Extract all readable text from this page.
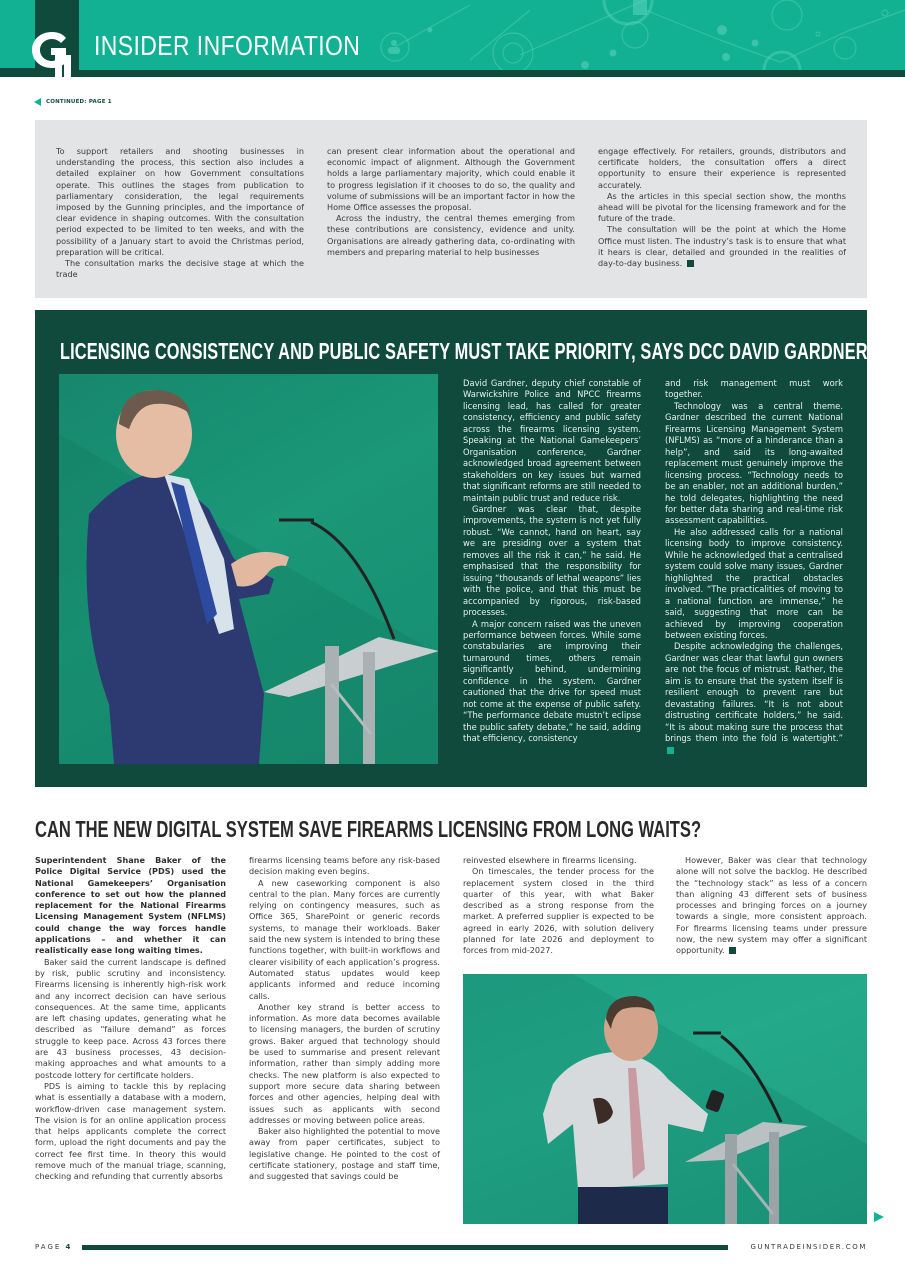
INSIDER INFORMATION
CONTINUED: PAGE 1

To support retailers and shooting businesses in understanding the process, this section also includes a detailed explainer on how Government consultations operate. This outlines the stages from publication to parliamentary consideration, the legal requirements imposed by the Gunning principles, and the importance of clear evidence in shaping outcomes. With the consultation period expected to be limited to ten weeks, and with the possibility of a January start to avoid the Christmas period, preparation will be critical.

The consultation marks the decisive stage at which the trade

can present clear information about the operational and economic impact of alignment. Although the Government holds a large parliamentary majority, which could enable it to progress legislation if it chooses to do so, the quality and volume of submissions will be an important factor in how the Home Office assesses the proposal.

Across the industry, the central themes emerging from these contributions are consistency, evidence and unity. Organisations are already gathering data, co-ordinating with members and preparing material to help businesses

engage effectively. For retailers, grounds, distributors and certificate holders, the consultation offers a direct opportunity to ensure their experience is represented accurately.

As the articles in this special section show, the months ahead will be pivotal for the licensing framework and for the future of the trade.

The consultation will be the point at which the Home Office must listen. The industry’s task is to ensure that what it hears is clear, detailed and grounded in the realities of day-to-day business.

LICENSING CONSISTENCY AND PUBLIC SAFETY MUST TAKE PRIORITY, SAYS DCC DAVID GARDNER

David Gardner, deputy chief constable of Warwickshire Police and NPCC firearms licensing lead, has called for greater consistency, efficiency and public safety across the firearms licensing system. Speaking at the National Gamekeepers’ Organisation conference, Gardner acknowledged broad agreement between stakeholders on key issues but warned that significant reforms are still needed to maintain public trust and reduce risk.

Gardner was clear that, despite improvements, the system is not yet fully robust. “We cannot, hand on heart, say we are presiding over a system that removes all the risk it can,” he said. He emphasised that the responsibility for issuing “thousands of lethal weapons” lies with the police, and that this must be accompanied by rigorous, risk-based processes.

A major concern raised was the uneven performance between forces. While some constabularies are improving their turnaround times, others remain significantly behind, undermining confidence in the system. Gardner cautioned that the drive for speed must not come at the expense of public safety. “The performance debate mustn’t eclipse the public safety debate,” he said, adding that efficiency, consistency

and risk management must work together.

Technology was a central theme. Gardner described the current National Firearms Licensing Management System (NFLMS) as “more of a hinderance than a help”, and said its long-awaited replacement must genuinely improve the licensing process. “Technology needs to be an enabler, not an additional burden,” he told delegates, highlighting the need for better data sharing and real-time risk assessment capabilities.

He also addressed calls for a national licensing body to improve consistency. While he acknowledged that a centralised system could solve many issues, Gardner highlighted the practical obstacles involved. “The practicalities of moving to a national function are immense,” he said, suggesting that more can be achieved by improving cooperation between existing forces.

Despite acknowledging the challenges, Gardner was clear that lawful gun owners are not the focus of mistrust. Rather, the aim is to ensure that the system itself is resilient enough to prevent rare but devastating failures. “It is not about distrusting certificate holders,” he said. “It is about making sure the process that brings them into the fold is watertight.”

CAN THE NEW DIGITAL SYSTEM SAVE FIREARMS LICENSING FROM LONG WAITS?

Superintendent Shane Baker of the Police Digital Service (PDS) used the National Gamekeepers’ Organisation conference to set out how the planned replacement for the National Firearms Licensing Management System (NFLMS) could change the way forces handle applications – and whether it can realistically ease long waiting times.

Baker said the current landscape is defined by risk, public scrutiny and inconsistency. Firearms licensing is inherently high-risk work and any incorrect decision can have serious consequences. At the same time, applicants are left chasing updates, generating what he described as “failure demand” as forces struggle to keep pace. Across 43 forces there are 43 business processes, 43 decision-making approaches and what amounts to a postcode lottery for certificate holders.

PDS is aiming to tackle this by replacing what is essentially a database with a modern, workflow-driven case management system. The vision is for an online application process that helps applicants complete the correct form, upload the right documents and pay the correct fee first time. In theory this would remove much of the manual triage, scanning, checking and refunding that currently absorbs

firearms licensing teams before any risk-based decision making even begins.

A new caseworking component is also central to the plan. Many forces are currently relying on contingency measures, such as Office 365, SharePoint or generic records systems, to manage their workloads. Baker said the new system is intended to bring these functions together, with built-in workflows and clearer visibility of each application’s progress. Automated status updates would keep applicants informed and reduce incoming calls.

Another key strand is better access to information. As more data becomes available to licensing managers, the burden of scrutiny grows. Baker argued that technology should be used to summarise and present relevant information, rather than simply adding more checks. The new platform is also expected to support more secure data sharing between forces and other agencies, helping deal with issues such as applicants with second addresses or moving between police areas.

Baker also highlighted the potential to move away from paper certificates, subject to legislative change. He pointed to the cost of certificate stationery, postage and staff time, and suggested that savings could be

reinvested elsewhere in firearms licensing.

On timescales, the tender process for the replacement system closed in the third quarter of this year, with what Baker described as a strong response from the market. A preferred supplier is expected to be agreed in early 2026, with solution delivery planned for late 2026 and deployment to forces from mid-2027.

However, Baker was clear that technology alone will not solve the backlog. He described the “technology stack” as less of a concern than aligning 43 different sets of business processes and bringing forces on a journey towards a single, more consistent approach. For firearms licensing teams under pressure now, the new system may offer a significant opportunity.

PAGE 4	GUNTRADEINSIDER.COM
